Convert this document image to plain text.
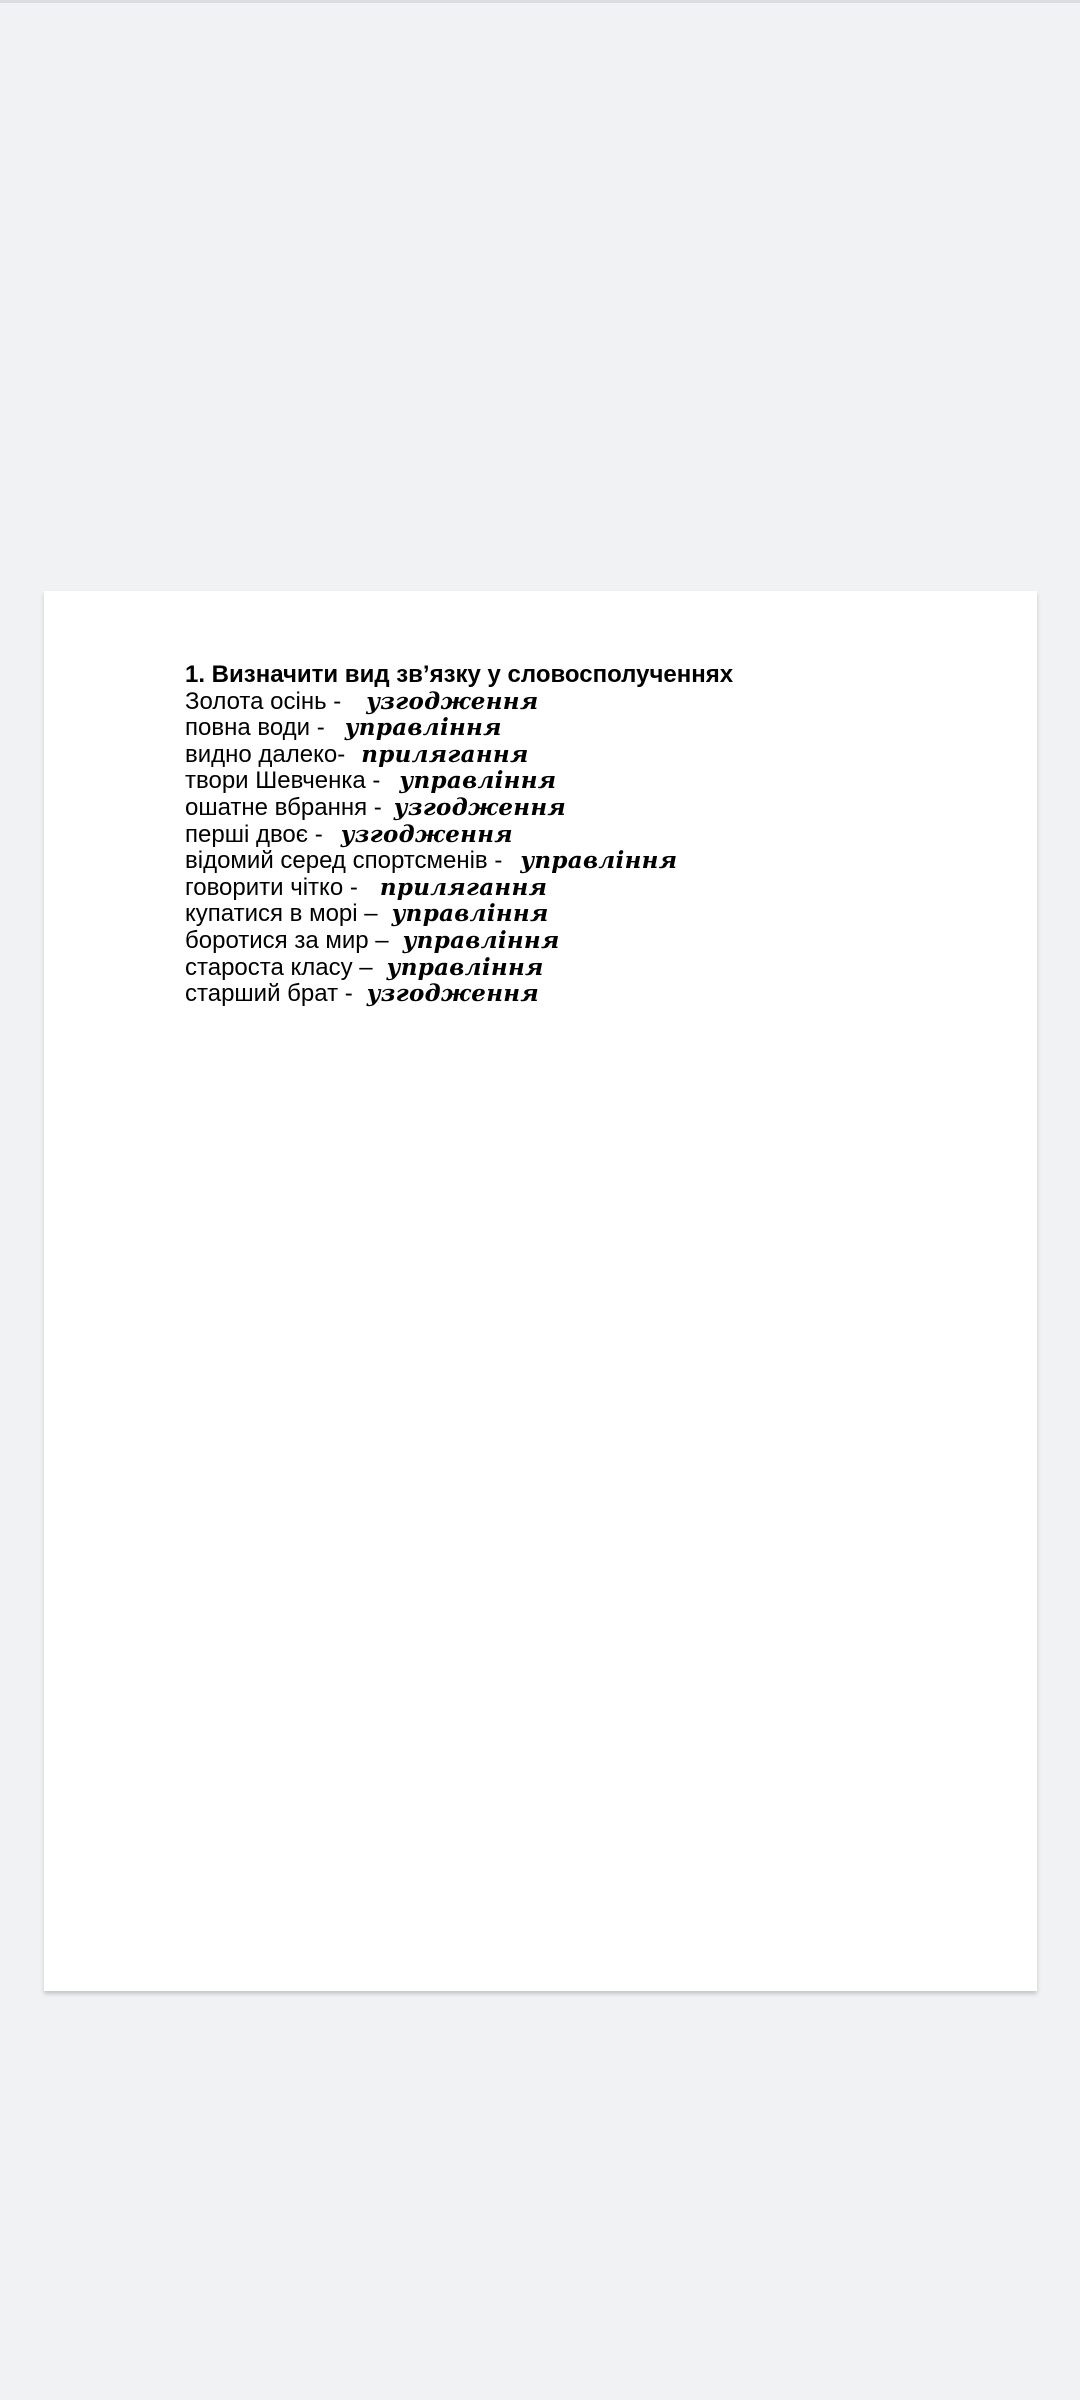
1. Визначити вид зв’язку у словосполученнях
Золота осінь - узгодження
повна води - управління
видно далеко- прилягання
твори Шевченка - управління
ошатне вбрання - узгодження
перші двоє - узгодження
відомий серед спортсменів - управління
говорити чітко - прилягання
купатися в морі – управління
боротися за мир – управління
староста класу – управління
старший брат - узгодження
